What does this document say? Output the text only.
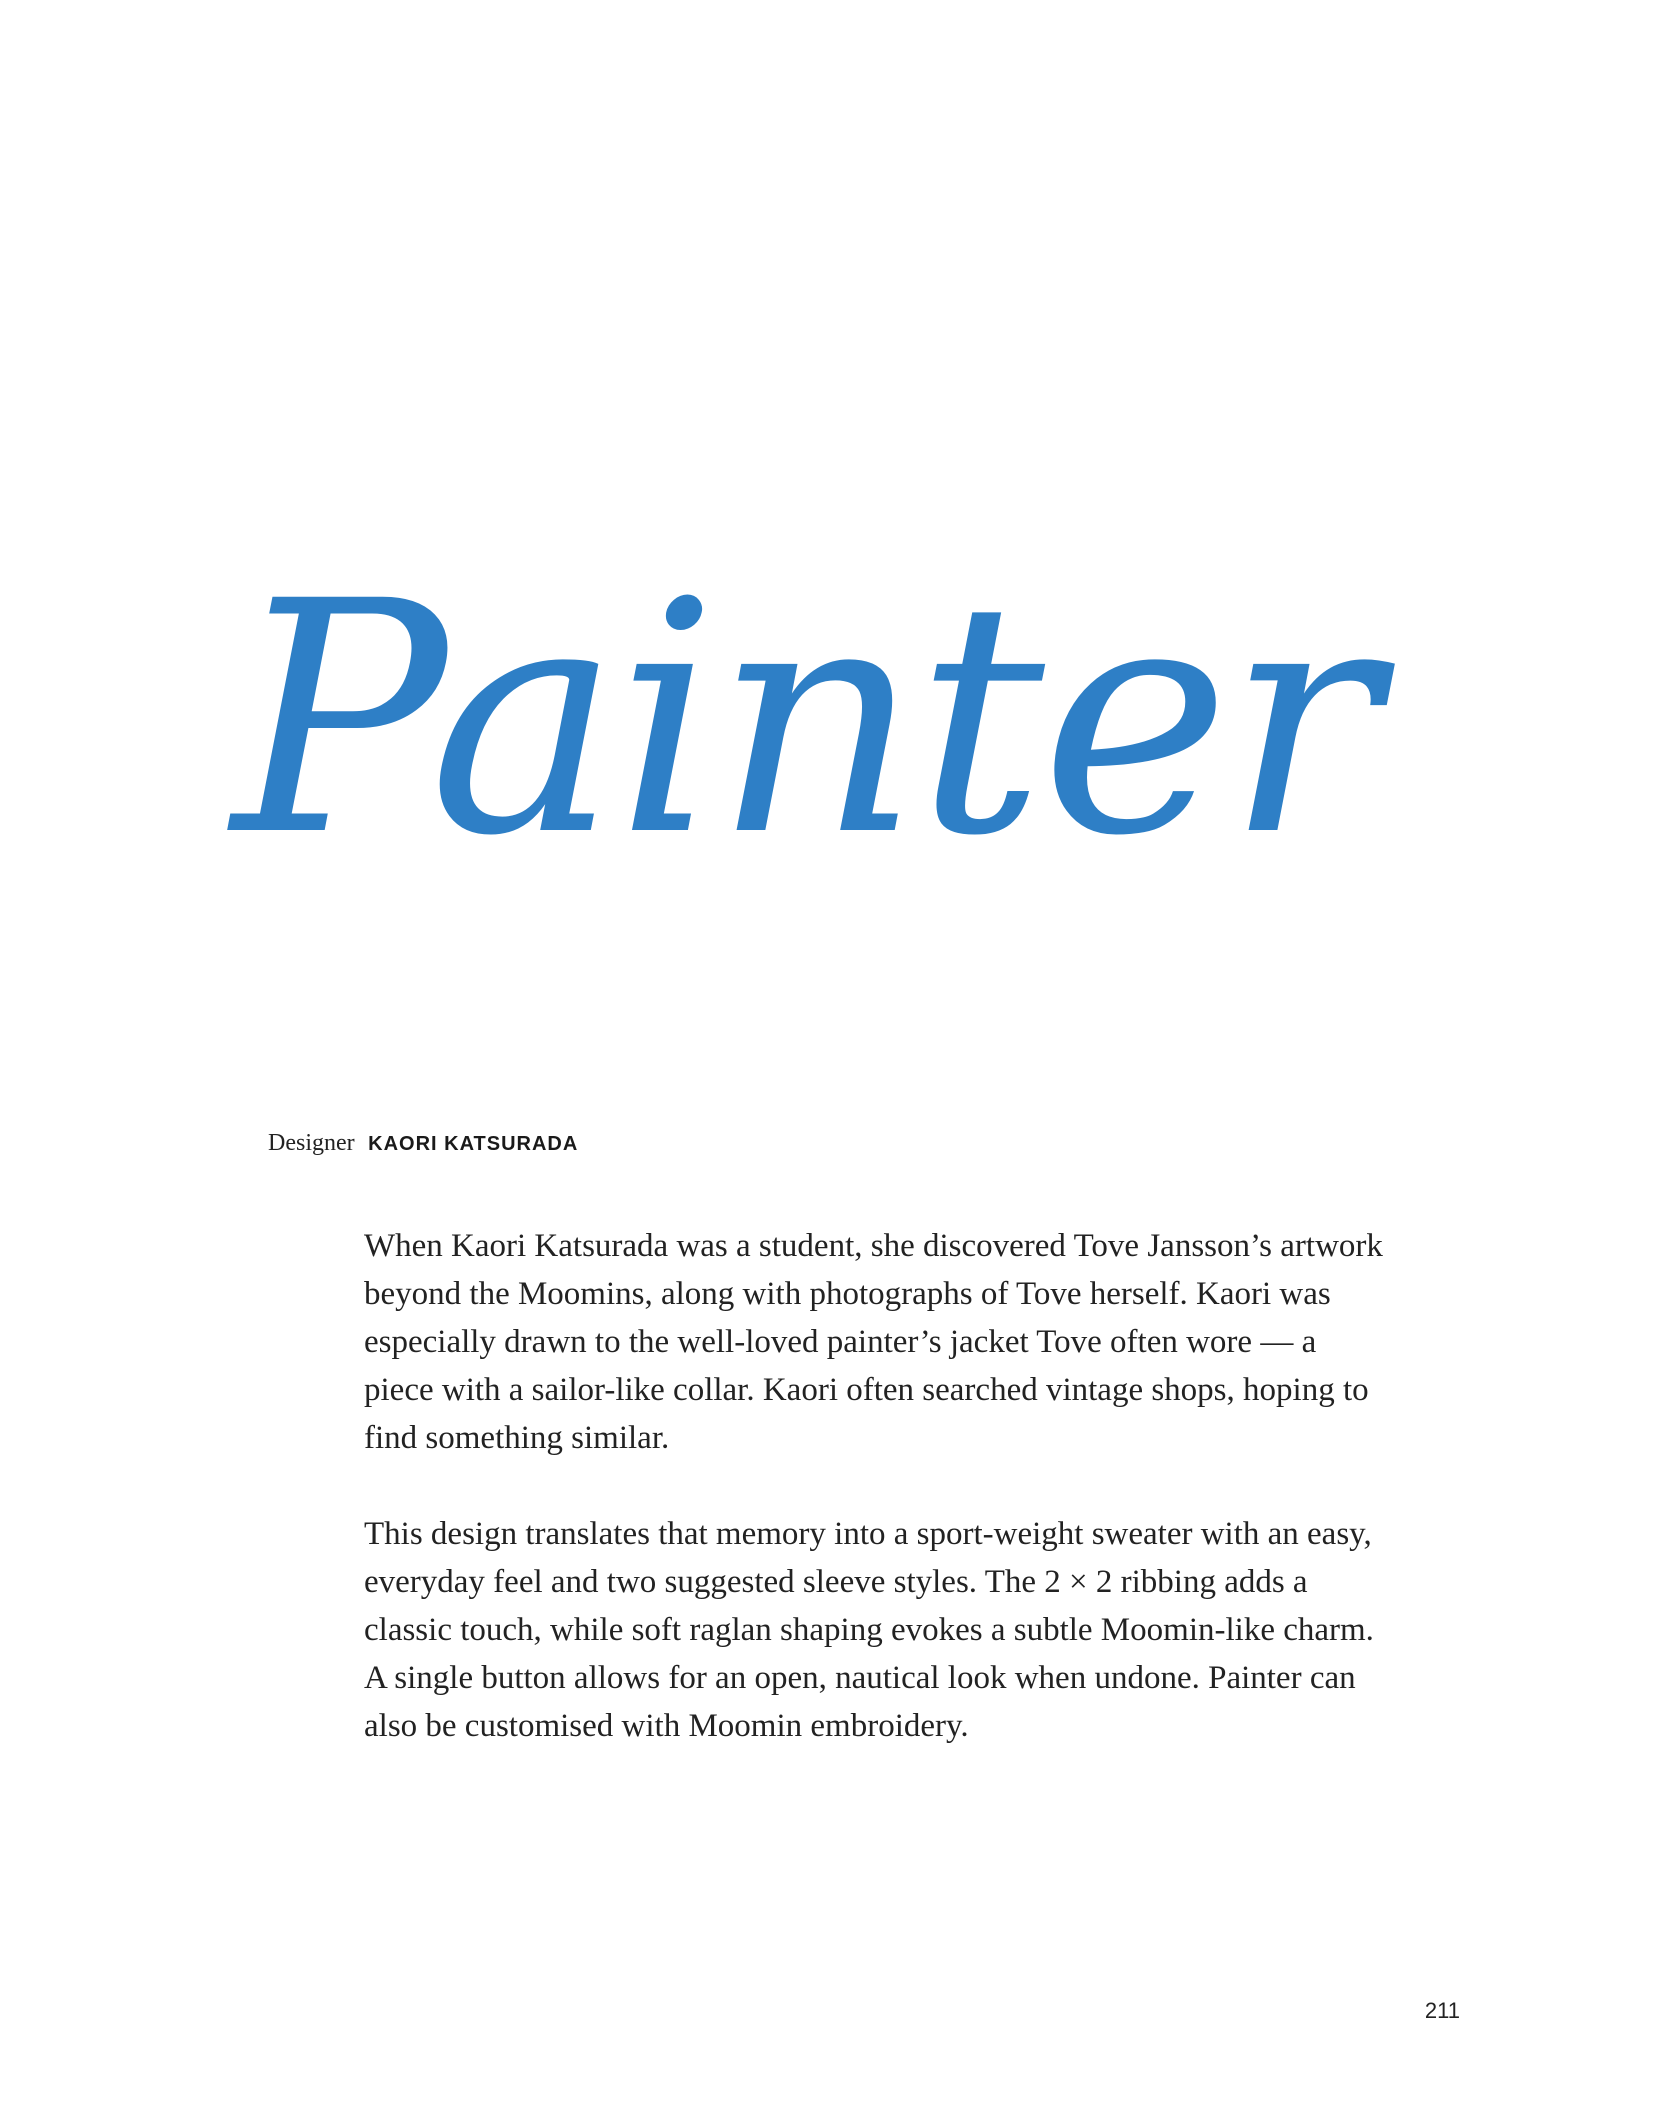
Painter
Designer KAORI KATSURADA

When Kaori Katsurada was a student, she discovered Tove Jansson’s artwork beyond the Moomins, along with photographs of Tove herself. Kaori was especially drawn to the well-loved painter’s jacket Tove often wore — a piece with a sailor-like collar. Kaori often searched vintage shops, hoping to find something similar.

This design translates that memory into a sport-weight sweater with an easy, everyday feel and two suggested sleeve styles. The 2 × 2 ribbing adds a classic touch, while soft raglan shaping evokes a subtle Moomin-like charm. A single button allows for an open, nautical look when undone. Painter can also be customised with Moomin embroidery.

211
